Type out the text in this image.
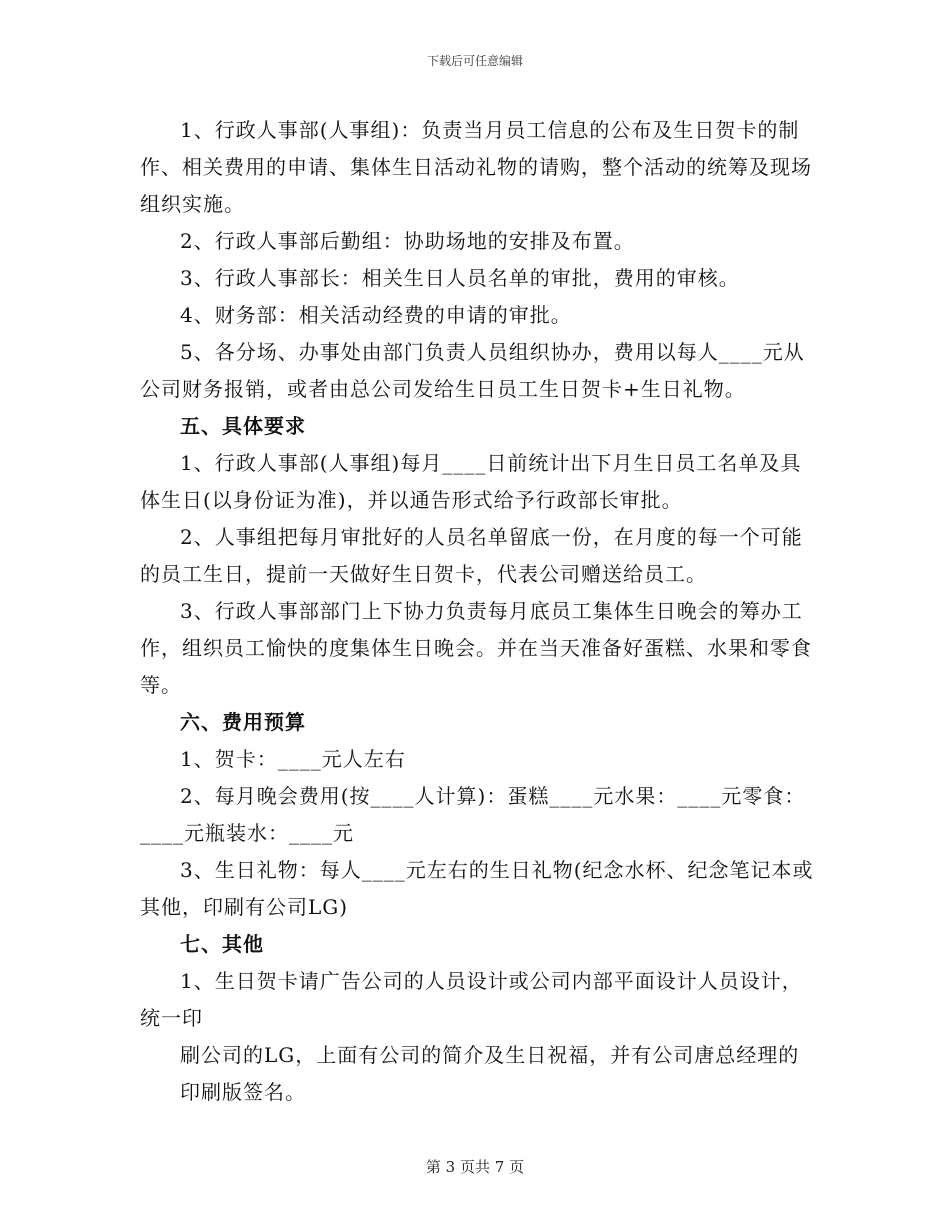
下载后可任意编辑

1、行政人事部(人事组)：负责当月员工信息的公布及生日贺卡的制作、相关费用的申请、集体生日活动礼物的请购，整个活动的统筹及现场组织实施。

2、行政人事部后勤组：协助场地的安排及布置。

3、行政人事部长：相关生日人员名单的审批，费用的审核。

4、财务部：相关活动经费的申请的审批。

5、各分场、办事处由部门负责人员组织协办，费用以每人____元从公司财务报销，或者由总公司发给生日员工生日贺卡+生日礼物。

五、具体要求

1、行政人事部(人事组)每月____日前统计出下月生日员工名单及具体生日(以身份证为准)，并以通告形式给予行政部长审批。

2、人事组把每月审批好的人员名单留底一份，在月度的每一个可能的员工生日，提前一天做好生日贺卡，代表公司赠送给员工。

3、行政人事部部门上下协力负责每月底员工集体生日晚会的筹办工作，组织员工愉快的度集体生日晚会。并在当天准备好蛋糕、水果和零食等。

六、费用预算

1、贺卡：____元人左右

2、每月晚会费用(按____人计算)：蛋糕____元水果：____元零食：____元瓶装水：____元

3、生日礼物：每人____元左右的生日礼物(纪念水杯、纪念笔记本或其他，印刷有公司LG)

七、其他

1、生日贺卡请广告公司的人员设计或公司内部平面设计人员设计，

统一印

刷公司的LG，上面有公司的简介及生日祝福，并有公司唐总经理的印刷版签名。

第 3 页共 7 页
